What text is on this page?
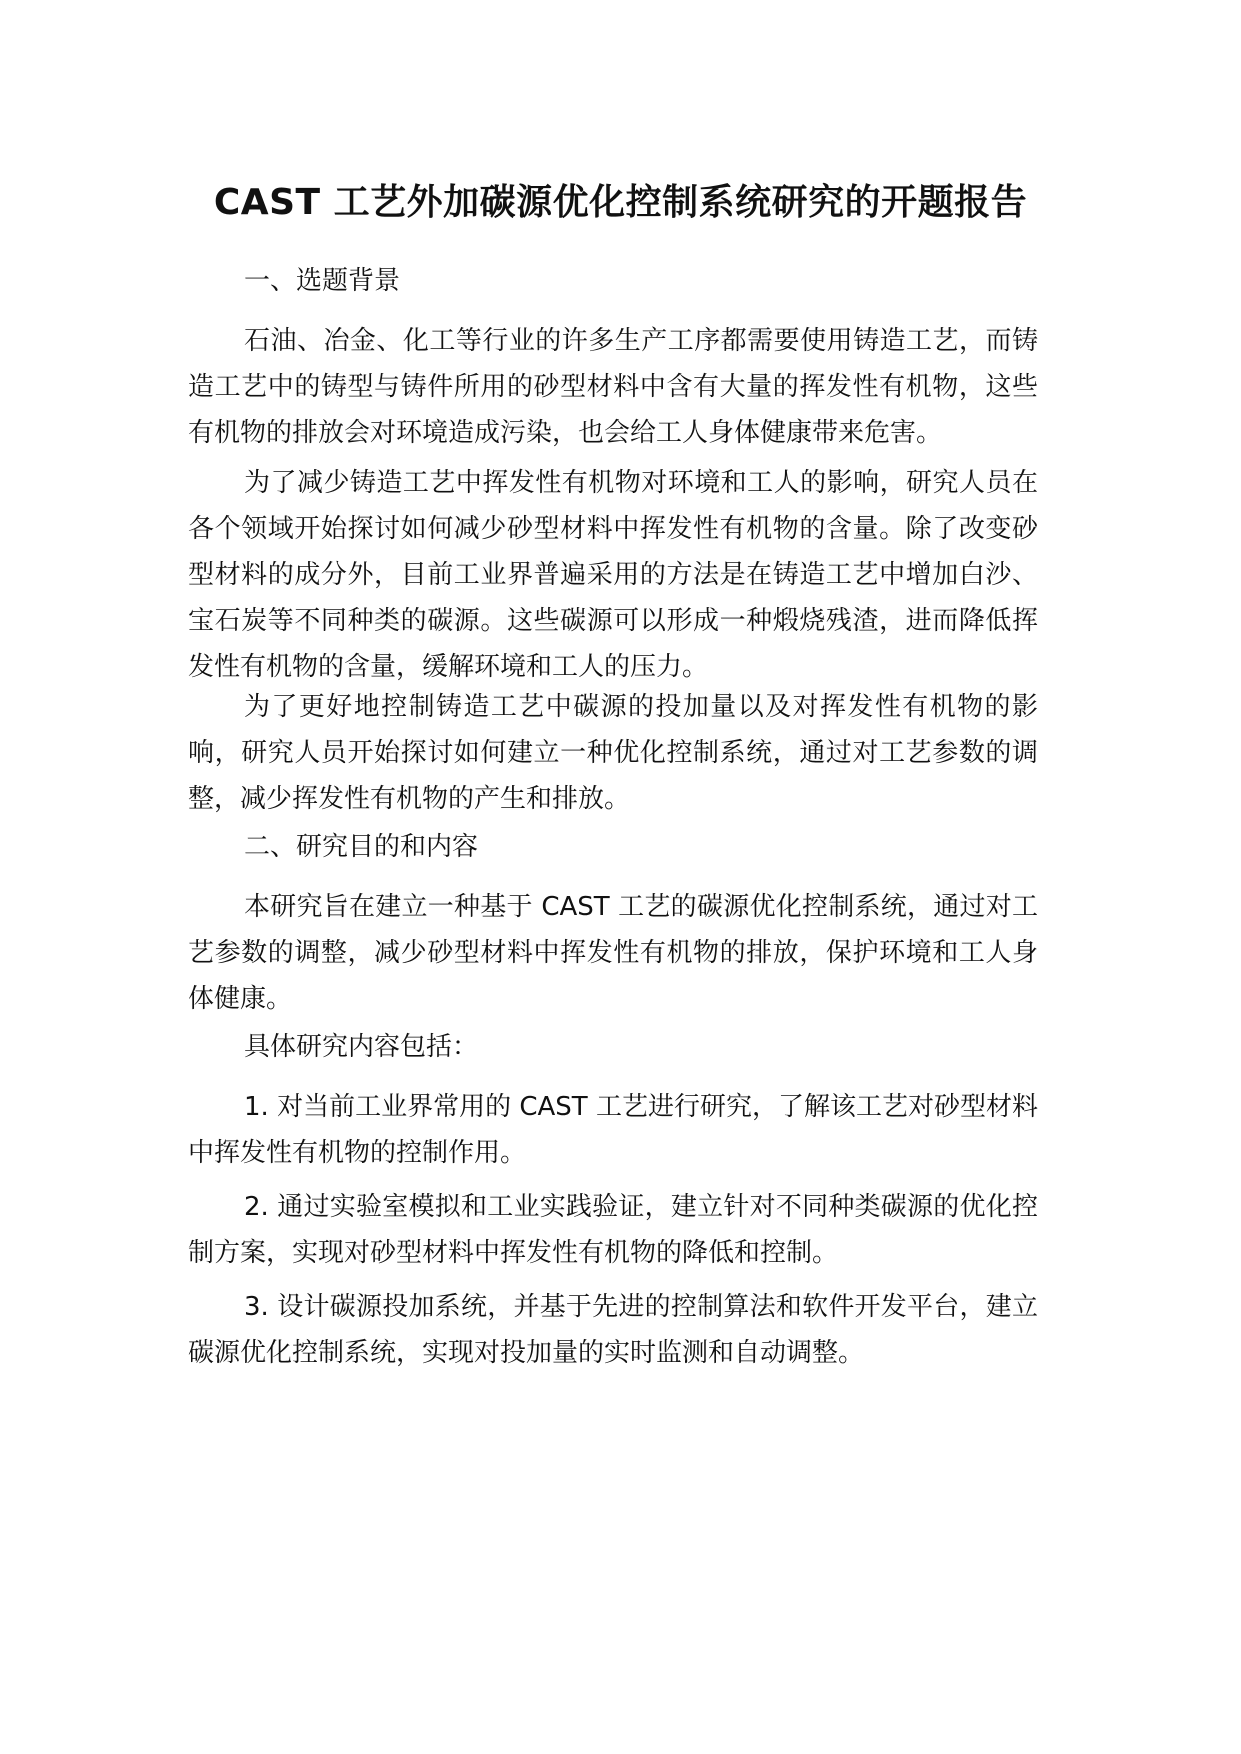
CAST 工艺外加碳源优化控制系统研究的开题报告
一、选题背景
石油、冶金、化工等行业的许多生产工序都需要使用铸造工艺，而铸造工艺中的铸型与铸件所用的砂型材料中含有大量的挥发性有机物，这些有机物的排放会对环境造成污染，也会给工人身体健康带来危害。
为了减少铸造工艺中挥发性有机物对环境和工人的影响，研究人员在各个领域开始探讨如何减少砂型材料中挥发性有机物的含量。除了改变砂型材料的成分外，目前工业界普遍采用的方法是在铸造工艺中增加白沙、宝石炭等不同种类的碳源。这些碳源可以形成一种煅烧残渣，进而降低挥发性有机物的含量，缓解环境和工人的压力。
为了更好地控制铸造工艺中碳源的投加量以及对挥发性有机物的影响，研究人员开始探讨如何建立一种优化控制系统，通过对工艺参数的调整，减少挥发性有机物的产生和排放。
二、研究目的和内容
本研究旨在建立一种基于 CAST 工艺的碳源优化控制系统，通过对工艺参数的调整，减少砂型材料中挥发性有机物的排放，保护环境和工人身体健康。
具体研究内容包括：
1. 对当前工业界常用的 CAST 工艺进行研究，了解该工艺对砂型材料中挥发性有机物的控制作用。
2. 通过实验室模拟和工业实践验证，建立针对不同种类碳源的优化控制方案，实现对砂型材料中挥发性有机物的降低和控制。
3. 设计碳源投加系统，并基于先进的控制算法和软件开发平台，建立碳源优化控制系统，实现对投加量的实时监测和自动调整。
